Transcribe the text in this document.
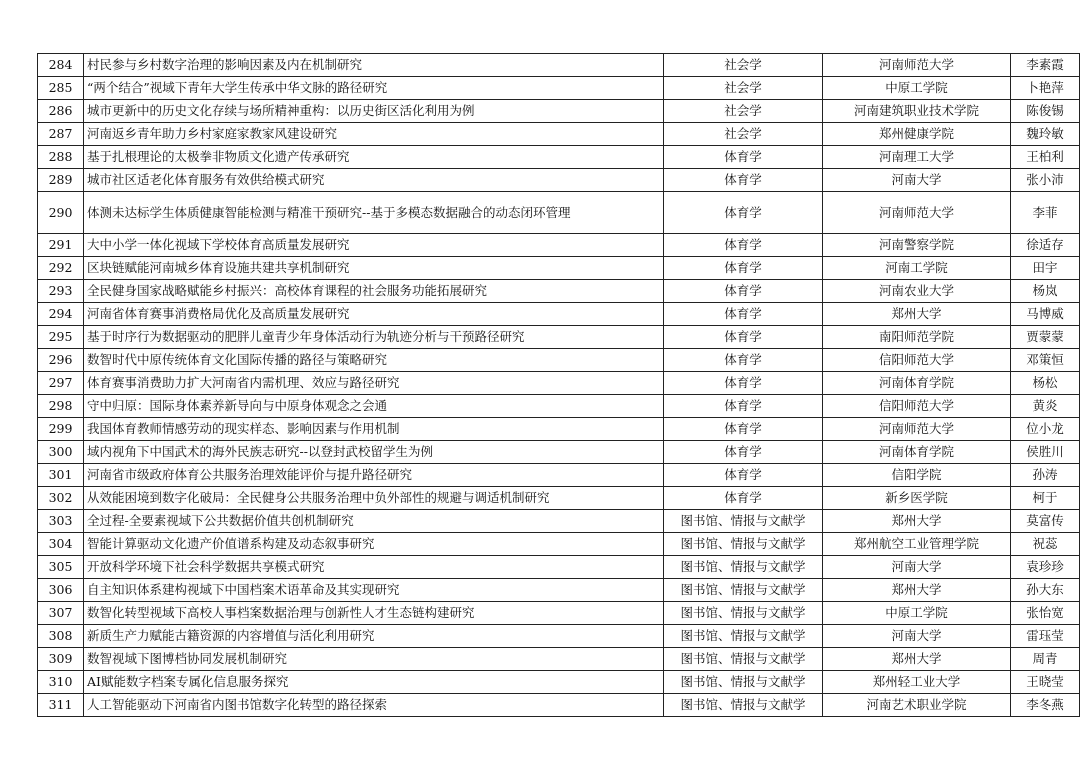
284	村民参与乡村数字治理的影响因素及内在机制研究	社会学	河南师范大学	李素霞
285	“两个结合”视域下青年大学生传承中华文脉的路径研究	社会学	中原工学院	卜艳萍
286	城市更新中的历史文化存续与场所精神重构：以历史街区活化利用为例	社会学	河南建筑职业技术学院	陈俊锡
287	河南返乡青年助力乡村家庭家教家风建设研究	社会学	郑州健康学院	魏玲敏
288	基于扎根理论的太极拳非物质文化遗产传承研究	体育学	河南理工大学	王柏利
289	城市社区适老化体育服务有效供给模式研究	体育学	河南大学	张小沛
290	体测未达标学生体质健康智能检测与精准干预研究--基于多模态数据融合的动态闭环管理	体育学	河南师范大学	李菲
291	大中小学一体化视域下学校体育高质量发展研究	体育学	河南警察学院	徐适存
292	区块链赋能河南城乡体育设施共建共享机制研究	体育学	河南工学院	田宇
293	全民健身国家战略赋能乡村振兴：高校体育课程的社会服务功能拓展研究	体育学	河南农业大学	杨岚
294	河南省体育赛事消费格局优化及高质量发展研究	体育学	郑州大学	马博威
295	基于时序行为数据驱动的肥胖儿童青少年身体活动行为轨迹分析与干预路径研究	体育学	南阳师范学院	贾蒙蒙
296	数智时代中原传统体育文化国际传播的路径与策略研究	体育学	信阳师范大学	邓策恒
297	体育赛事消费助力扩大河南省内需机理、效应与路径研究	体育学	河南体育学院	杨松
298	守中归原：国际身体素养新导向与中原身体观念之会通	体育学	信阳师范大学	黄炎
299	我国体育教师情感劳动的现实样态、影响因素与作用机制	体育学	河南师范大学	位小龙
300	域内视角下中国武术的海外民族志研究--以登封武校留学生为例	体育学	河南体育学院	侯胜川
301	河南省市级政府体育公共服务治理效能评价与提升路径研究	体育学	信阳学院	孙涛
302	从效能困境到数字化破局：全民健身公共服务治理中负外部性的规避与调适机制研究	体育学	新乡医学院	柯于
303	全过程-全要素视域下公共数据价值共创机制研究	图书馆、情报与文献学	郑州大学	莫富传
304	智能计算驱动文化遗产价值谱系构建及动态叙事研究	图书馆、情报与文献学	郑州航空工业管理学院	祝蕊
305	开放科学环境下社会科学数据共享模式研究	图书馆、情报与文献学	河南大学	袁珍珍
306	自主知识体系建构视域下中国档案术语革命及其实现研究	图书馆、情报与文献学	郑州大学	孙大东
307	数智化转型视域下高校人事档案数据治理与创新性人才生态链构建研究	图书馆、情报与文献学	中原工学院	张怡宽
308	新质生产力赋能古籍资源的内容增值与活化利用研究	图书馆、情报与文献学	河南大学	雷珏莹
309	数智视域下图博档协同发展机制研究	图书馆、情报与文献学	郑州大学	周青
310	AI赋能数字档案专属化信息服务探究	图书馆、情报与文献学	郑州轻工业大学	王晓莹
311	人工智能驱动下河南省内图书馆数字化转型的路径探索	图书馆、情报与文献学	河南艺术职业学院	李冬燕
